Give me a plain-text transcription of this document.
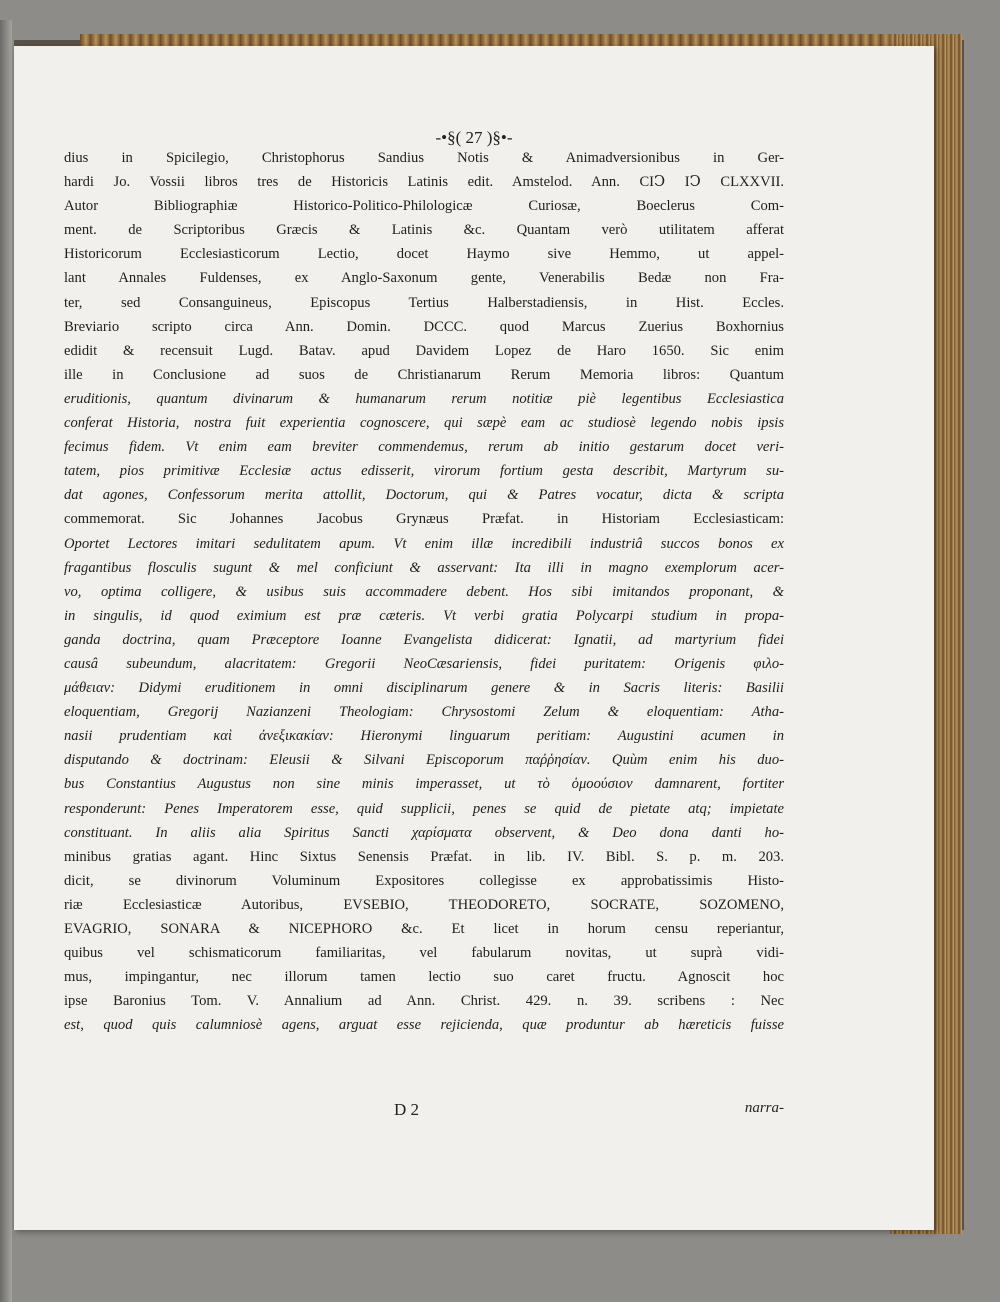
-•§( 27 )§•-
dius in Spicilegio, Christophorus Sandius Notis & Animadversionibus in Ger-
hardi Jo. Vossii libros tres de Historicis Latinis edit. Amstelod. Ann. CIↃ IↃ CLXXVII.
Autor Bibliographiæ Historico-Politico-Philologicæ Curiosæ, Boeclerus Com-
ment. de Scriptoribus Græcis & Latinis &c. Quantam verò utilitatem afferat
Historicorum Ecclesiasticorum Lectio, docet Haymo sive Hemmo, ut appel-
lant Annales Fuldenses, ex Anglo-Saxonum gente, Venerabilis Bedæ non Fra-
ter, sed Consanguineus, Episcopus Tertius Halberstadiensis, in Hist. Eccles.
Breviario scripto circa Ann. Domin. DCCC. quod Marcus Zuerius Boxhornius
edidit & recensuit Lugd. Batav. apud Davidem Lopez de Haro 1650. Sic enim
ille in Conclusione ad suos de Christianarum Rerum Memoria libros: Quantum
eruditionis, quantum divinarum & humanarum rerum notitiæ piè legentibus Ecclesiastica
conferat Historia, nostra fuit experientia cognoscere, qui sæpè eam ac studiosè legendo nobis ipsis
fecimus fidem. Vt enim eam breviter commendemus, rerum ab initio gestarum docet veri-
tatem, pios primitivæ Ecclesiæ actus edisserit, virorum fortium gesta describit, Martyrum su-
dat agones, Confessorum merita attollit, Doctorum, qui & Patres vocatur, dicta & scripta
commemorat. Sic Johannes Jacobus Grynæus Præfat. in Historiam Ecclesiasticam:
Oportet Lectores imitari sedulitatem apum. Vt enim illæ incredibili industriâ succos bonos ex
fragantibus flosculis sugunt & mel conficiunt & asservant: Ita illi in magno exemplorum acer-
vo, optima colligere, & usibus suis accommadere debent. Hos sibi imitandos proponant, &
in singulis, id quod eximium est præ cæteris. Vt verbi gratia Polycarpi studium in propa-
ganda doctrina, quam Præceptore Ioanne Evangelista didicerat: Ignatii, ad martyrium fidei
causâ subeundum, alacritatem: Gregorii NeoCæsariensis, fidei puritatem: Origenis φιλο-
μάθειαν: Didymi eruditionem in omni disciplinarum genere & in Sacris literis: Basilii
eloquentiam, Gregorij Nazianzeni Theologiam: Chrysostomi Zelum & eloquentiam: Atha-
nasii prudentiam καὶ ἀνεξικακίαν: Hieronymi linguarum peritiam: Augustini acumen in
disputando & doctrinam: Eleusii & Silvani Episcoporum παῤῥησίαν. Quùm enim his duo-
bus Constantius Augustus non sine minis imperasset, ut τὸ ὁμοούσιον damnarent, fortiter
responderunt: Penes Imperatorem esse, quid supplicii, penes se quid de pietate atq; impietate
constituant. In aliis alia Spiritus Sancti χαρίσματα observent, & Deo dona danti ho-
minibus gratias agant. Hinc Sixtus Senensis Præfat. in lib. IV. Bibl. S. p. m. 203.
dicit, se divinorum Voluminum Expositores collegisse ex approbatissimis Histo-
riæ Ecclesiasticæ Autoribus, EVSEBIO, THEODORETO, SOCRATE, SOZOMENO,
EVAGRIO, SONARA & NICEPHORO &c. Et licet in horum censu reperiantur,
quibus vel schismaticorum familiaritas, vel fabularum novitas, ut suprà vidi-
mus, impingantur, nec illorum tamen lectio suo caret fructu. Agnoscit hoc
ipse Baronius Tom. V. Annalium ad Ann. Christ. 429. n. 39. scribens : Nec
est, quod quis calumniosè agens, arguat esse rejicienda, quæ produntur ab hæreticis fuisse
D 2	narra-
